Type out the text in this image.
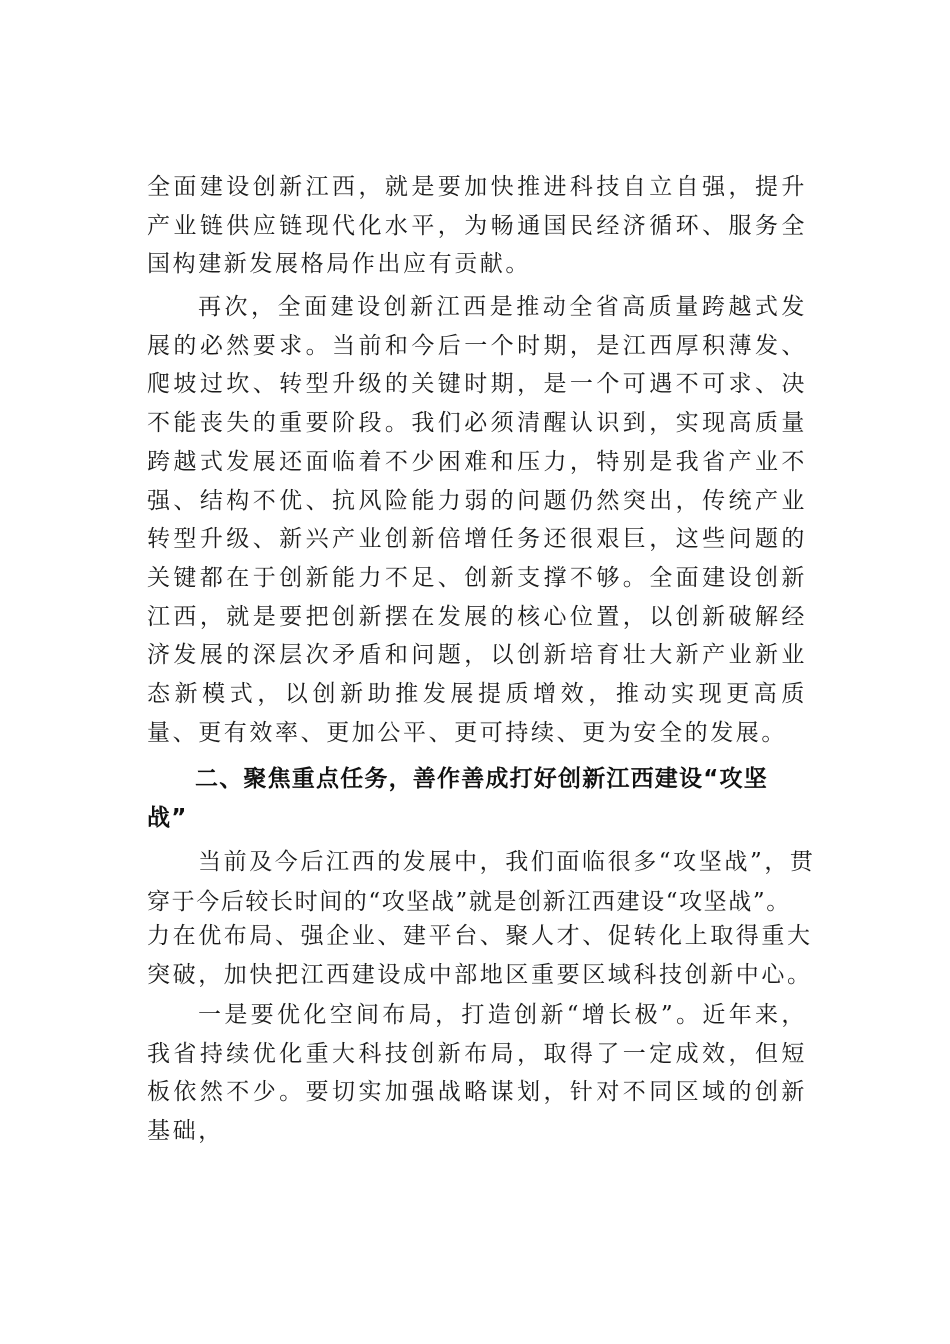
全面建设创新江西，就是要加快推进科技自立自强，提升产业链供应链现代化水平，为畅通国民经济循环、服务全国构建新发展格局作出应有贡献。

再次，全面建设创新江西是推动全省高质量跨越式发展的必然要求。当前和今后一个时期，是江西厚积薄发、爬坡过坎、转型升级的关键时期，是一个可遇不可求、决不能丧失的重要阶段。我们必须清醒认识到，实现高质量跨越式发展还面临着不少困难和压力，特别是我省产业不强、结构不优、抗风险能力弱的问题仍然突出，传统产业转型升级、新兴产业创新倍增任务还很艰巨，这些问题的关键都在于创新能力不足、创新支撑不够。全面建设创新江西，就是要把创新摆在发展的核心位置，以创新破解经济发展的深层次矛盾和问题，以创新培育壮大新产业新业态新模式，以创新助推发展提质增效，推动实现更高质量、更有效率、更加公平、更可持续、更为安全的发展。

二、聚焦重点任务，善作善成打好创新江西建设“攻坚战”

当前及今后江西的发展中，我们面临很多“攻坚战”，贯

穿于今后较长时间的“攻坚战”就是创新江西建设“攻坚战”。

力在优布局、强企业、建平台、聚人才、促转化上取得重大

突破，加快把江西建设成中部地区重要区域科技创新中心。

一是要优化空间布局，打造创新“增长极”。近年来，我省持续优化重大科技创新布局，取得了一定成效，但短板依然不少。要切实加强战略谋划，针对不同区域的创新基础，
